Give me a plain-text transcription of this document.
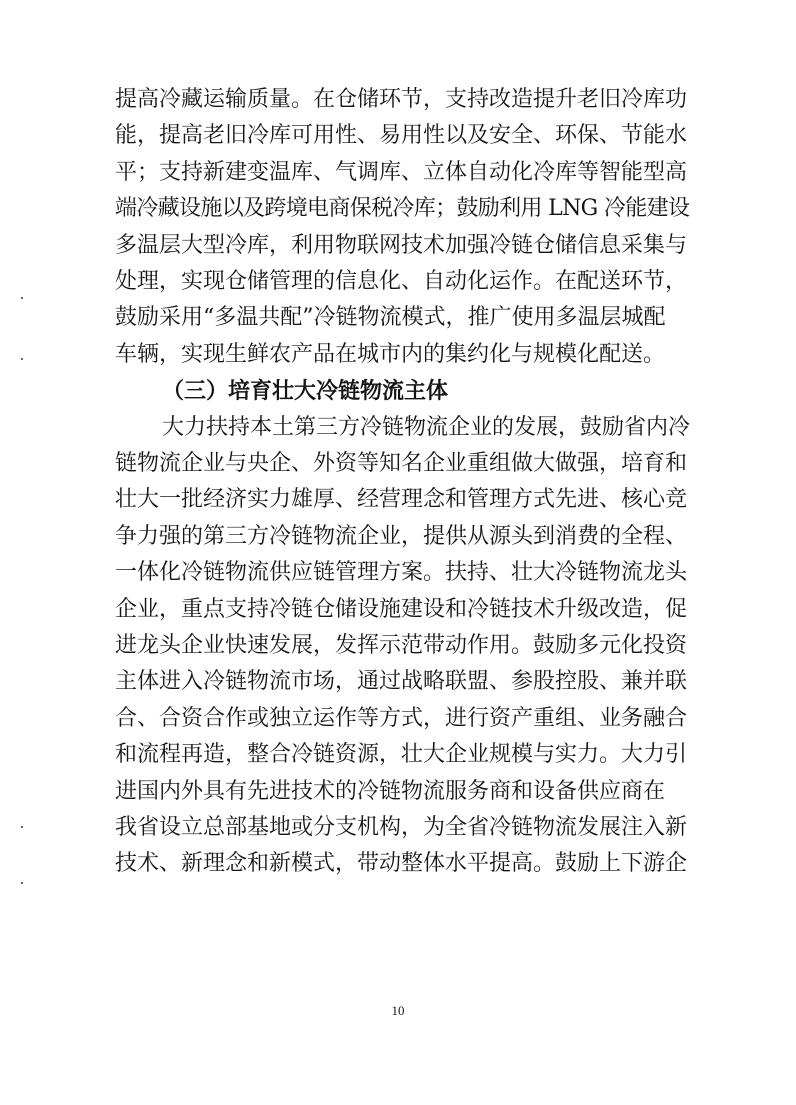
提高冷藏运输质量。在仓储环节，支持改造提升老旧冷库功
能，提高老旧冷库可用性、易用性以及安全、环保、节能水
平；支持新建变温库、气调库、立体自动化冷库等智能型高
端冷藏设施以及跨境电商保税冷库；鼓励利用 LNG 冷能建设
多温层大型冷库，利用物联网技术加强冷链仓储信息采集与
处理，实现仓储管理的信息化、自动化运作。在配送环节，
鼓励采用“多温共配”冷链物流模式，推广使用多温层城配
车辆，实现生鲜农产品在城市内的集约化与规模化配送。
（三）培育壮大冷链物流主体
大力扶持本土第三方冷链物流企业的发展，鼓励省内冷
链物流企业与央企、外资等知名企业重组做大做强，培育和
壮大一批经济实力雄厚、经营理念和管理方式先进、核心竞
争力强的第三方冷链物流企业，提供从源头到消费的全程、
一体化冷链物流供应链管理方案。扶持、壮大冷链物流龙头
企业，重点支持冷链仓储设施建设和冷链技术升级改造，促
进龙头企业快速发展，发挥示范带动作用。鼓励多元化投资
主体进入冷链物流市场，通过战略联盟、参股控股、兼并联
合、合资合作或独立运作等方式，进行资产重组、业务融合
和流程再造，整合冷链资源，壮大企业规模与实力。大力引
进国内外具有先进技术的冷链物流服务商和设备供应商在
我省设立总部基地或分支机构，为全省冷链物流发展注入新
技术、新理念和新模式，带动整体水平提高。鼓励上下游企
10
